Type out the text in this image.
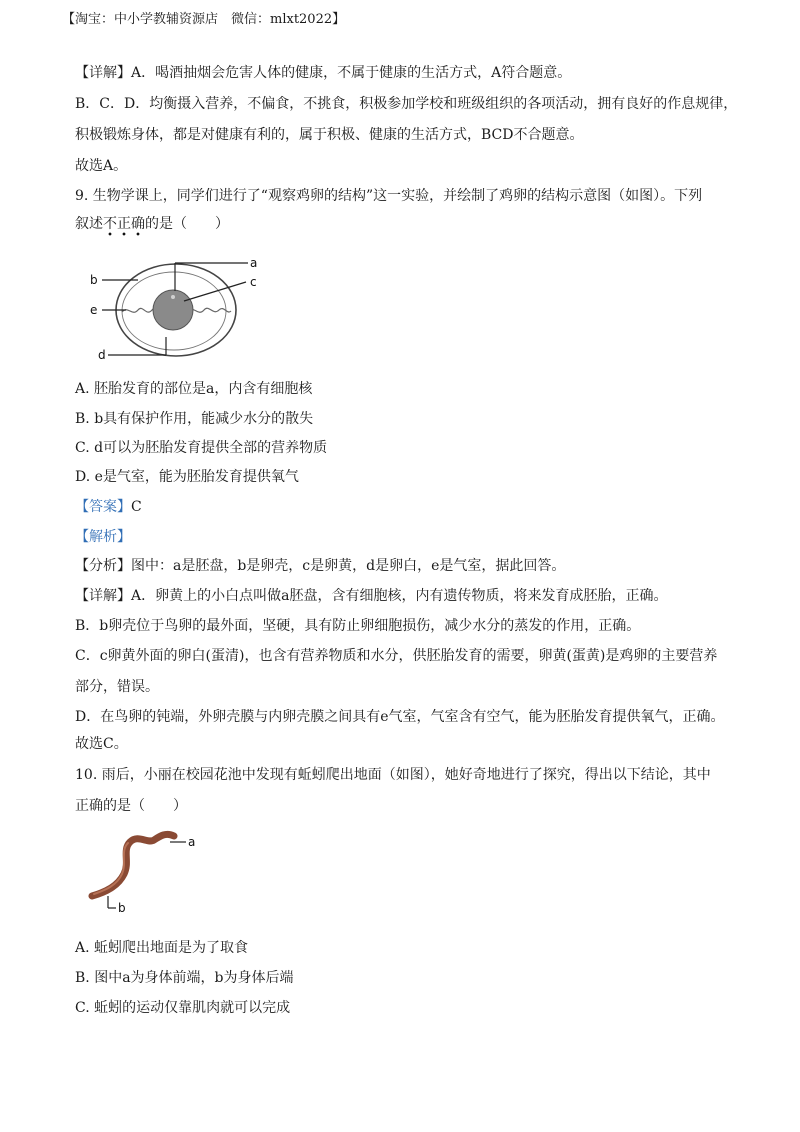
【淘宝：中小学教辅资源店　微信：mlxt2022】
【详解】A．喝酒抽烟会危害人体的健康，不属于健康的生活方式，A符合题意。
B．C．D．均衡摄入营养，不偏食，不挑食，积极参加学校和班级组织的各项活动，拥有良好的作息规律，
积极锻炼身体，都是对健康有利的，属于积极、健康的生活方式，BCD不合题意。
故选A。
9. 生物学课上，同学们进行了“观察鸡卵的结构”这一实验，并绘制了鸡卵的结构示意图（如图）。下列
叙述不正确的是（　　）
a
c
b
e
d
A. 胚胎发育的部位是a，内含有细胞核
B. b具有保护作用，能减少水分的散失
C. d可以为胚胎发育提供全部的营养物质
D. e是气室，能为胚胎发育提供氧气
【答案】C
【解析】
【分析】图中：a是胚盘，b是卵壳，c是卵黄，d是卵白，e是气室，据此回答。
【详解】A．卵黄上的小白点叫做a胚盘，含有细胞核，内有遗传物质，将来发育成胚胎，正确。
B．b卵壳位于鸟卵的最外面，坚硬，具有防止卵细胞损伤，减少水分的蒸发的作用，正确。
C．c卵黄外面的卵白(蛋清)，也含有营养物质和水分，供胚胎发育的需要，卵黄(蛋黄)是鸡卵的主要营养
部分，错误。
D．在鸟卵的钝端，外卵壳膜与内卵壳膜之间具有e气室，气室含有空气，能为胚胎发育提供氧气，正确。
故选C。
10. 雨后，小丽在校园花池中发现有蚯蚓爬出地面（如图），她好奇地进行了探究，得出以下结论，其中
正确的是（　　）
a
b
A. 蚯蚓爬出地面是为了取食
B. 图中a为身体前端，b为身体后端
C. 蚯蚓的运动仅靠肌肉就可以完成
